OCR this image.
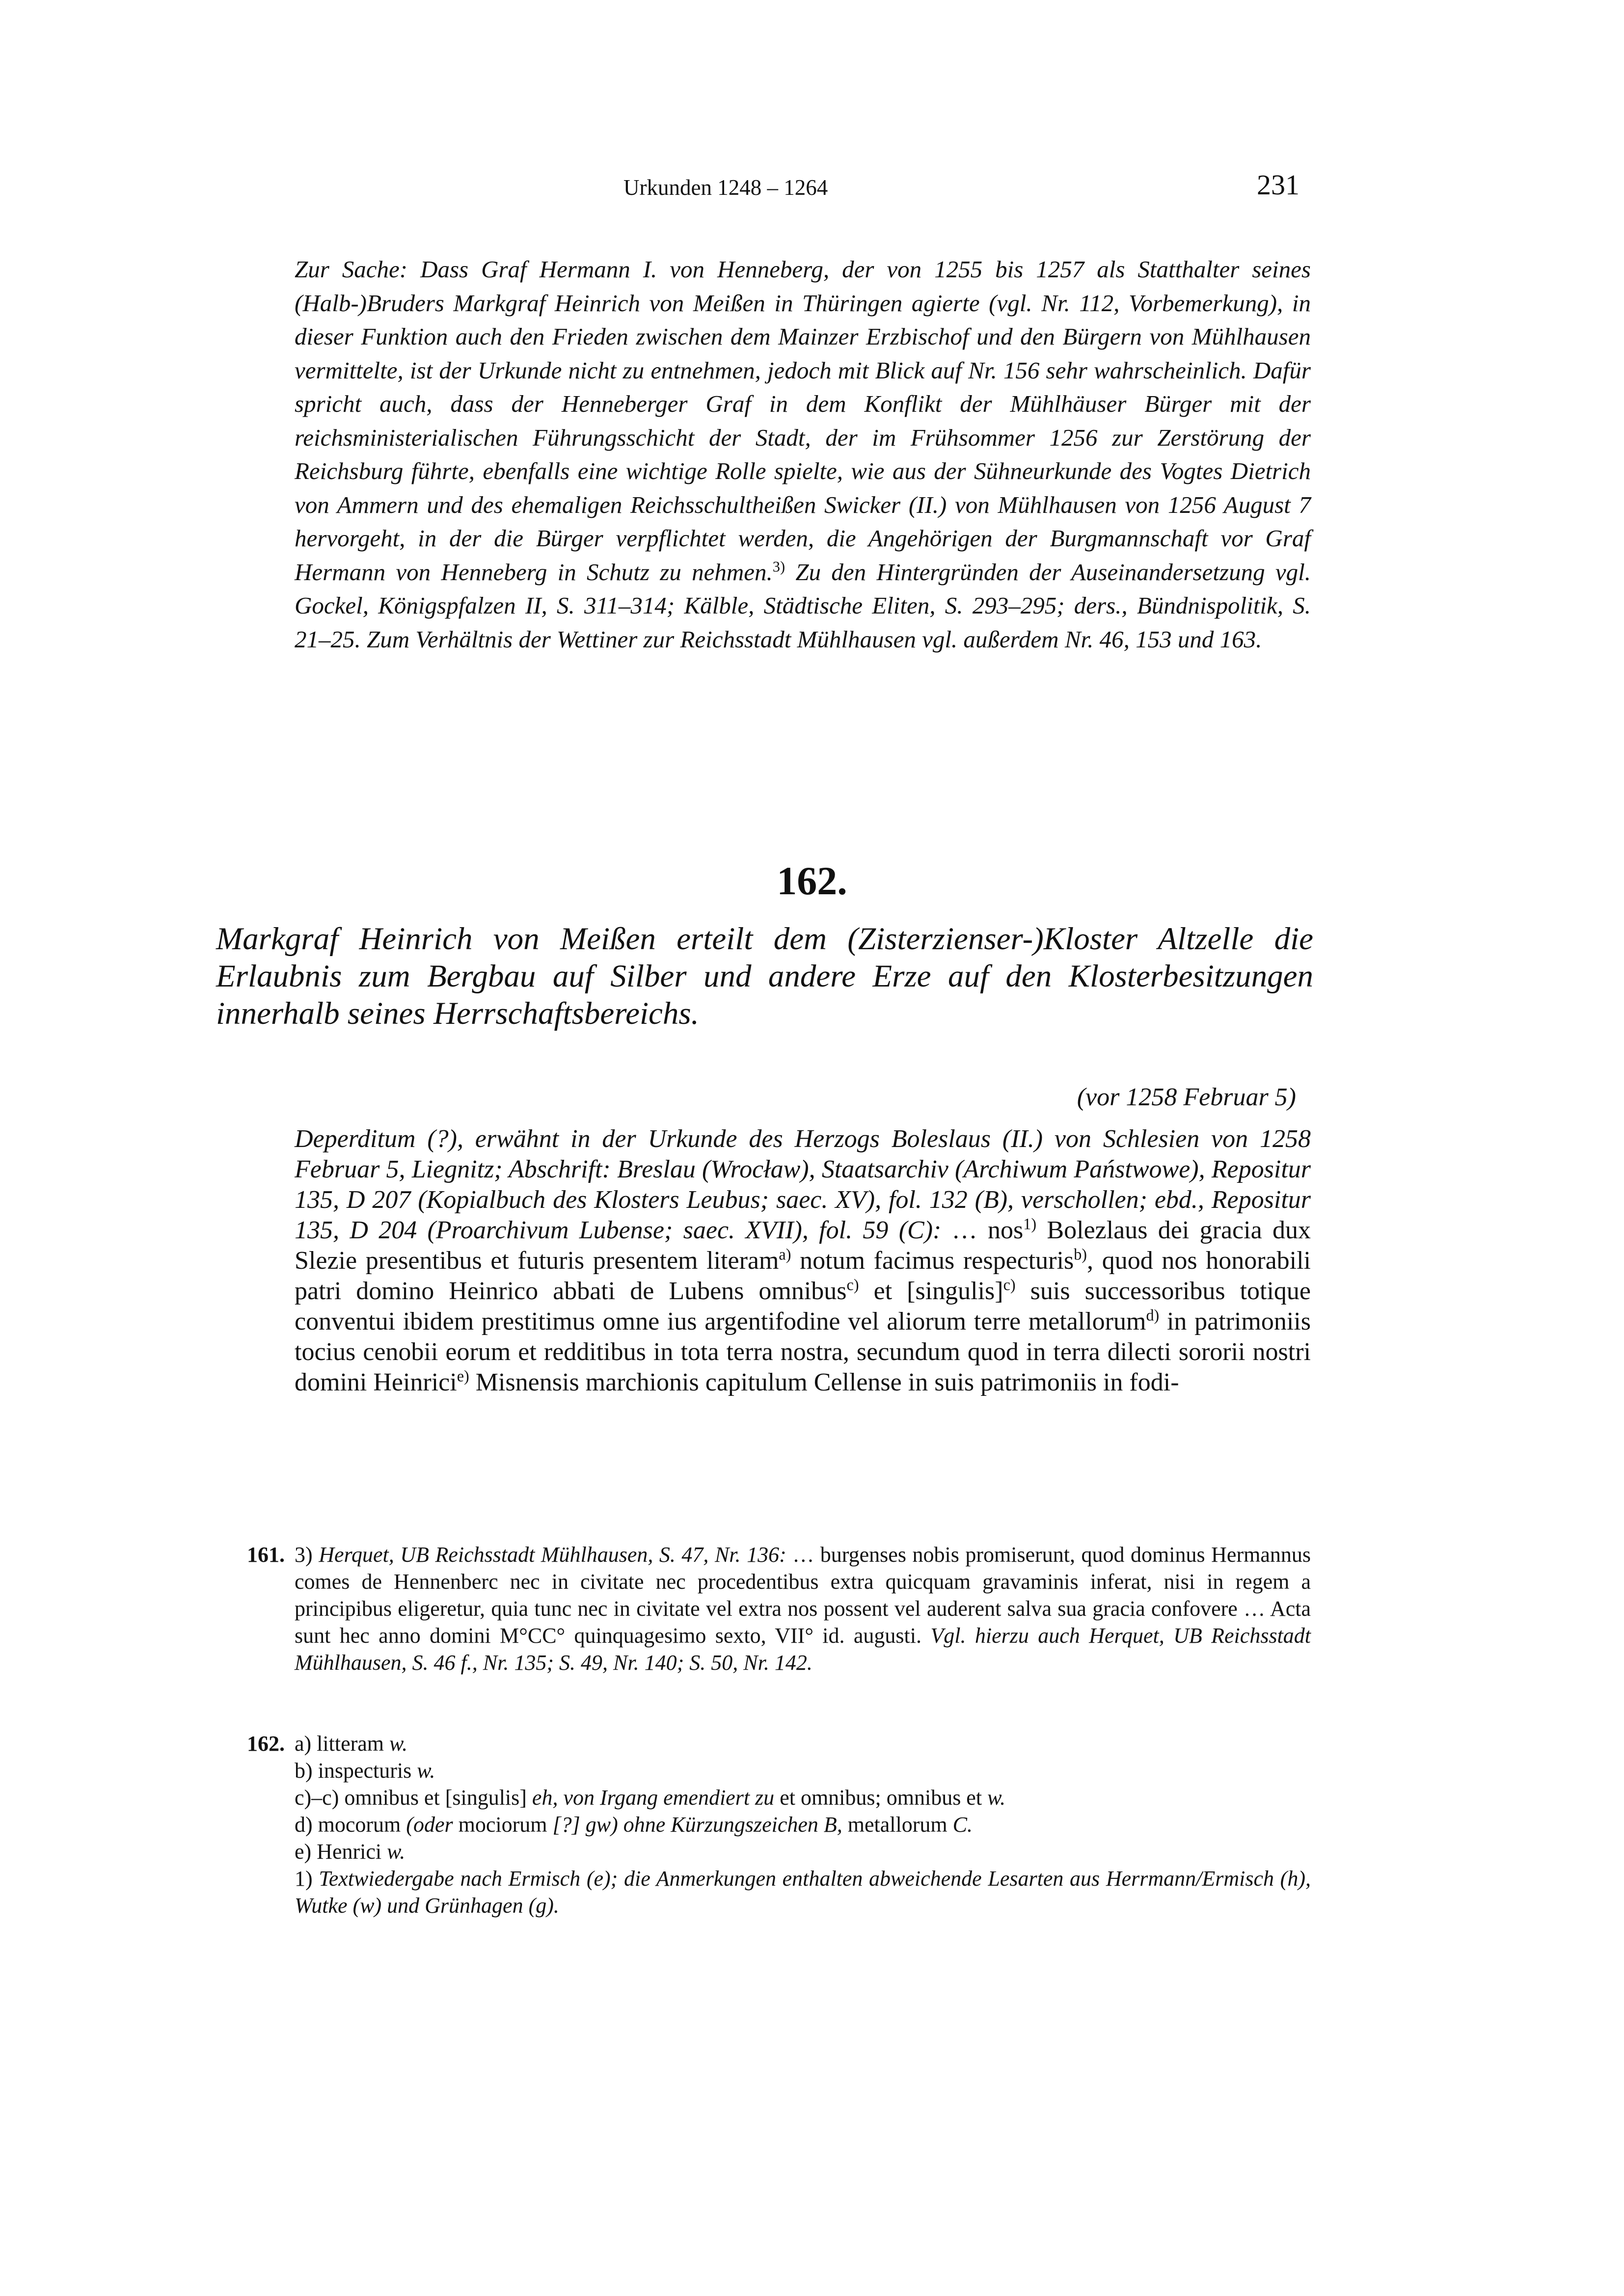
Urkunden 1248 – 1264	231

Zur Sache: Dass Graf Hermann I. von Henneberg, der von 1255 bis 1257 als Statthalter seines (Halb-)Bruders Markgraf Heinrich von Meißen in Thüringen agierte (vgl. Nr. 112, Vorbemerkung), in dieser Funktion auch den Frieden zwischen dem Mainzer Erzbischof und den Bürgern von Mühlhausen vermittelte, ist der Urkunde nicht zu entnehmen, jedoch mit Blick auf Nr. 156 sehr wahrscheinlich. Dafür spricht auch, dass der Henneberger Graf in dem Konflikt der Mühlhäuser Bürger mit der reichsministerialischen Führungsschicht der Stadt, der im Frühsommer 1256 zur Zerstörung der Reichsburg führte, ebenfalls eine wichtige Rolle spielte, wie aus der Sühneurkunde des Vogtes Dietrich von Ammern und des ehemaligen Reichsschultheißen Swicker (II.) von Mühlhausen von 1256 August 7 hervorgeht, in der die Bürger verpflichtet werden, die Angehörigen der Burgmannschaft vor Graf Hermann von Henneberg in Schutz zu nehmen.$^{3)}$ Zu den Hintergründen der Auseinandersetzung vgl. Gockel, Königspfalzen II, S. 311–314; Kälble, Städtische Eliten, S. 293–295; ders., Bündnispolitik, S. 21–25. Zum Verhältnis der Wettiner zur Reichsstadt Mühlhausen vgl. außerdem Nr. 46, 153 und 163.

162.

Markgraf Heinrich von Meißen erteilt dem (Zisterzienser-)Kloster Altzelle die Erlaubnis zum Bergbau auf Silber und andere Erze auf den Klosterbesitzungen innerhalb seines Herrschaftsbereichs.

(vor 1258 Februar 5)

Deperditum (?), erwähnt in der Urkunde des Herzogs Boleslaus (II.) von Schlesien von 1258 Februar 5, Liegnitz; Abschrift: Breslau (Wrocław), Staatsarchiv (Archiwum Państwowe), Repositur 135, D 207 (Kopialbuch des Klosters Leubus; saec. XV), fol. 132 (B), verschollen; ebd., Repositur 135, D 204 (Proarchivum Lubense; saec. XVII), fol. 59 (C): … nos$^{1)}$ Bolezlaus dei gracia dux Slezie presentibus et futuris presentem literam$^{a)}$ notum facimus respecturis$^{b)}$, quod nos honorabili patri domino Heinrico abbati de Lubens omnibus$^{c)}$ et [singulis]$^{c)}$ suis successoribus totique conventui ibidem prestitimus omne ius argentifodine vel aliorum terre metallorum$^{d)}$ in patrimoniis tocius cenobii eorum et redditibus in tota terra nostra, secundum quod in terra dilecti sororii nostri domini Heinrici$^{e)}$ Misnensis marchionis capitulum Cellense in suis patrimoniis in fodi-

161. 3) Herquet, UB Reichsstadt Mühlhausen, S. 47, Nr. 136: … burgenses nobis promiserunt, quod dominus Hermannus comes de Hennenberc nec in civitate nec procedentibus extra quicquam gravaminis inferat, nisi in regem a principibus eligeretur, quia tunc nec in civitate vel extra nos possent vel auderent salva sua gracia confovere … Acta sunt hec anno domini M°CC° quinquagesimo sexto, VII° id. augusti. Vgl. hierzu auch Herquet, UB Reichsstadt Mühlhausen, S. 46 f., Nr. 135; S. 49, Nr. 140; S. 50, Nr. 142.

162. a) litteram w.

b) inspecturis w.

c)–c) omnibus et [singulis] eh, von Irgang emendiert zu et omnibus; omnibus et w.

d) mocorum (oder mociorum [?] gw) ohne Kürzungszeichen B, metallorum C.

e) Henrici w.

1) Textwiedergabe nach Ermisch (e); die Anmerkungen enthalten abweichende Lesarten aus Herrmann/Ermisch (h), Wutke (w) und Grünhagen (g).
